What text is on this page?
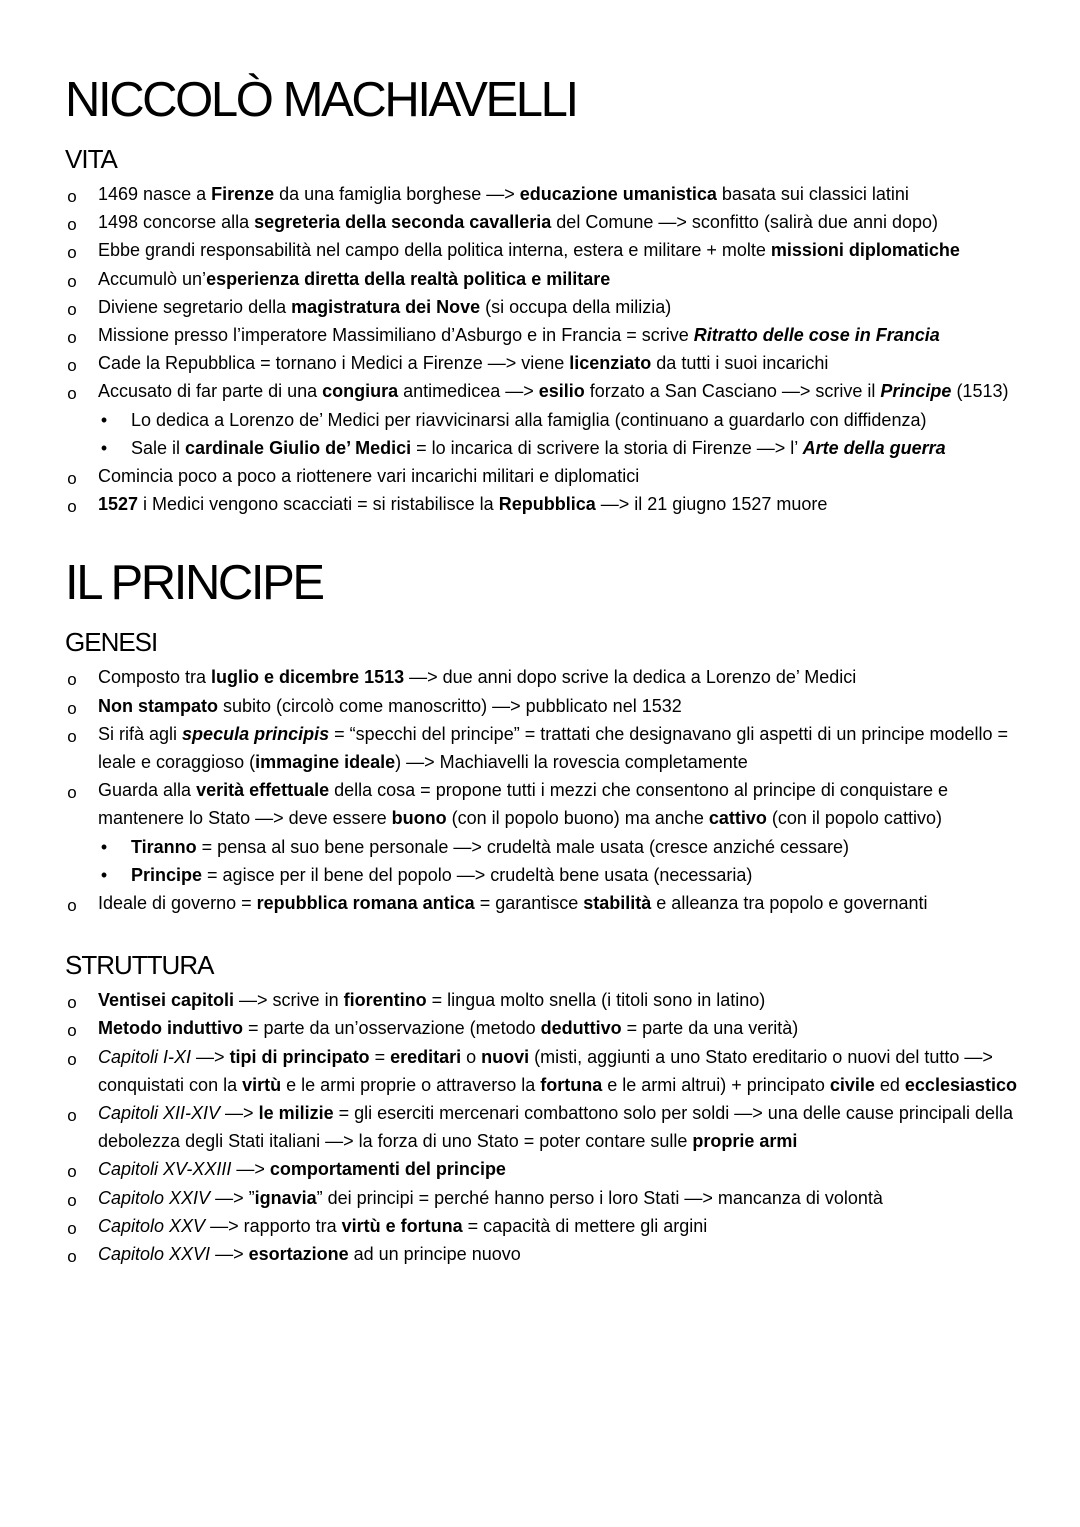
NICCOLÒ MACHIAVELLI
VITA
o
1469 nasce a Firenze da una famiglia borghese —> educazione umanistica basata sui classici latini
o
1498 concorse alla segreteria della seconda cavalleria del Comune —> sconfitto (salirà due anni dopo)
o
Ebbe grandi responsabilità nel campo della politica interna, estera e militare + molte missioni diplomatiche
o
Accumulò un’esperienza diretta della realtà politica e militare
o
Diviene segretario della magistratura dei Nove (si occupa della milizia)
o
Missione presso l’imperatore Massimiliano d’Asburgo e in Francia = scrive Ritratto delle cose in Francia
o
Cade la Repubblica = tornano i Medici a Firenze —> viene licenziato da tutti i suoi incarichi
o
Accusato di far parte di una congiura antimedicea —> esilio forzato a San Casciano —> scrive il Principe (1513)
•
Lo dedica a Lorenzo de’ Medici per riavvicinarsi alla famiglia (continuano a guardarlo con diffidenza)
•
Sale il cardinale Giulio de’ Medici = lo incarica di scrivere la storia di Firenze —> l’ Arte della guerra
o
Comincia poco a poco a riottenere vari incarichi militari e diplomatici
o
1527 i Medici vengono scacciati = si ristabilisce la Repubblica —> il 21 giugno 1527 muore
IL PRINCIPE
GENESI
o
Composto tra luglio e dicembre 1513 —> due anni dopo scrive la dedica a Lorenzo de’ Medici
o
Non stampato subito (circolò come manoscritto) —> pubblicato nel 1532
o
Si rifà agli specula principis = “specchi del principe” = trattati che designavano gli aspetti di un principe modello =
leale e coraggioso (immagine ideale) —> Machiavelli la rovescia completamente
o
Guarda alla verità effettuale della cosa = propone tutti i mezzi che consentono al principe di conquistare e
mantenere lo Stato —> deve essere buono (con il popolo buono) ma anche cattivo (con il popolo cattivo)
•
Tiranno = pensa al suo bene personale —> crudeltà male usata (cresce anziché cessare)
•
Principe = agisce per il bene del popolo —> crudeltà bene usata (necessaria)
o
Ideale di governo = repubblica romana antica = garantisce stabilità e alleanza tra popolo e governanti
STRUTTURA
o
Ventisei capitoli —> scrive in fiorentino = lingua molto snella (i titoli sono in latino)
o
Metodo induttivo = parte da un’osservazione (metodo deduttivo = parte da una verità)
o
Capitoli I-XI —> tipi di principato = ereditari o nuovi (misti, aggiunti a uno Stato ereditario o nuovi del tutto —>
conquistati con la virtù e le armi proprie o attraverso la fortuna e le armi altrui) + principato civile ed ecclesiastico
o
Capitoli XII-XIV —> le milizie = gli eserciti mercenari combattono solo per soldi —> una delle cause principali della
debolezza degli Stati italiani —> la forza di uno Stato = poter contare sulle proprie armi
o
Capitoli XV-XXIII —> comportamenti del principe
o
Capitolo XXIV —> ”ignavia” dei principi = perché hanno perso i loro Stati —> mancanza di volontà
o
Capitolo XXV —> rapporto tra virtù e fortuna = capacità di mettere gli argini
o
Capitolo XXVI —> esortazione ad un principe nuovo
